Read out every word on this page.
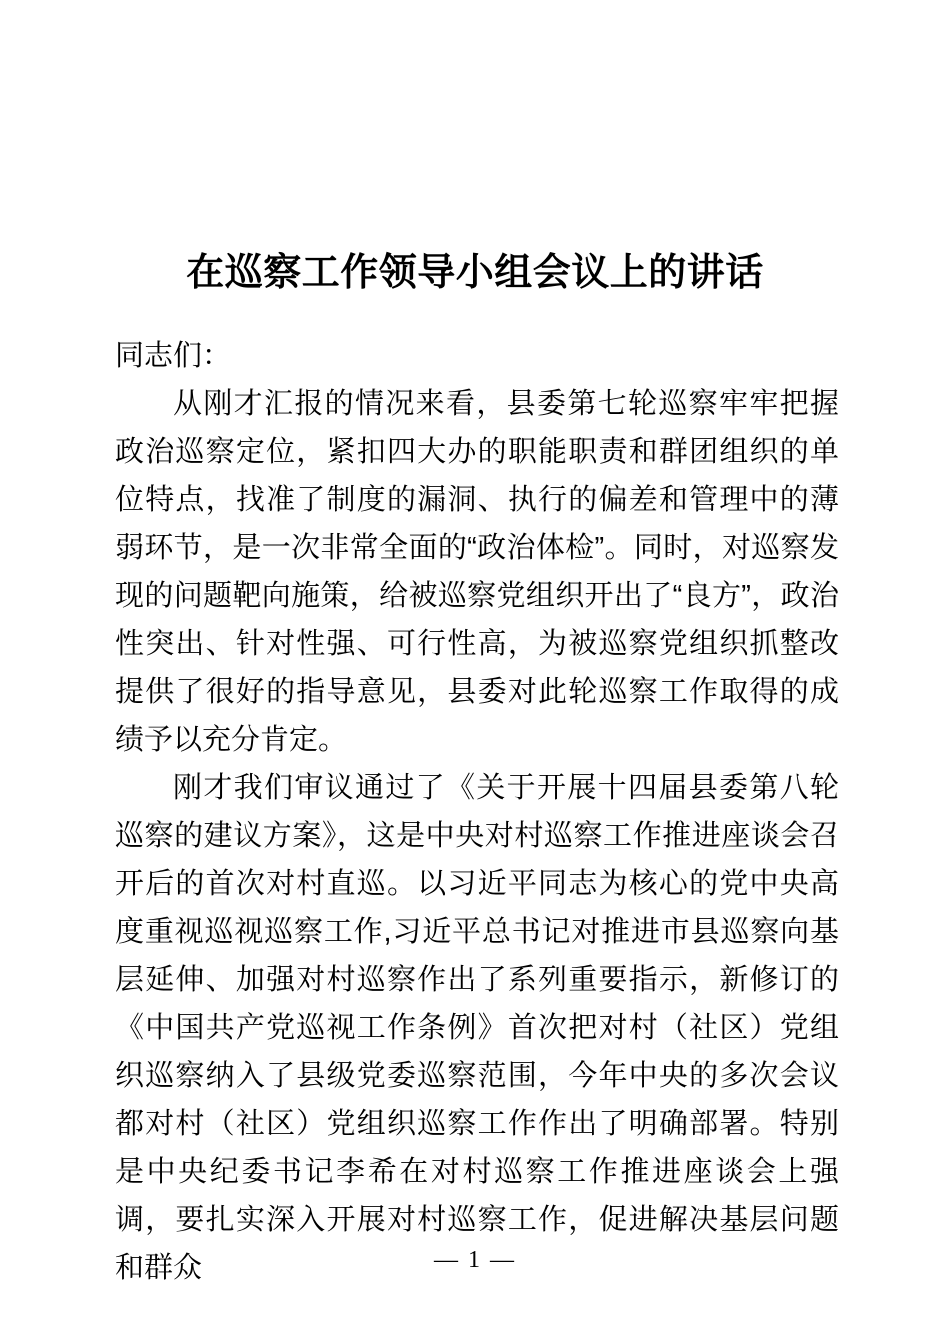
在巡察工作领导小组会议上的讲话

同志们：

从刚才汇报的情况来看，县委第七轮巡察牢牢把握政治巡察定位，紧扣四大办的职能职责和群团组织的单位特点，找准了制度的漏洞、执行的偏差和管理中的薄弱环节，是一次非常全面的“政治体检”。同时，对巡察发现的问题靶向施策，给被巡察党组织开出了“良方”，政治性突出、针对性强、可行性高，为被巡察党组织抓整改提供了很好的指导意见，县委对此轮巡察工作取得的成绩予以充分肯定。

刚才我们审议通过了《关于开展十四届县委第八轮巡察的建议方案》，这是中央对村巡察工作推进座谈会召开后的首次对村直巡。以习近平同志为核心的党中央高度重视巡视巡察工作,习近平总书记对推进市县巡察向基层延伸、加强对村巡察作出了系列重要指示，新修订的《中国共产党巡视工作条例》首次把对村（社区）党组织巡察纳入了县级党委巡察范围，今年中央的多次会议都对村（社区）党组织巡察工作作出了明确部署。特别是中央纪委书记李希在对村巡察工作推进座谈会上强调，要扎实深入开展对村巡察工作，促进解决基层问题和群众	— 1 —
